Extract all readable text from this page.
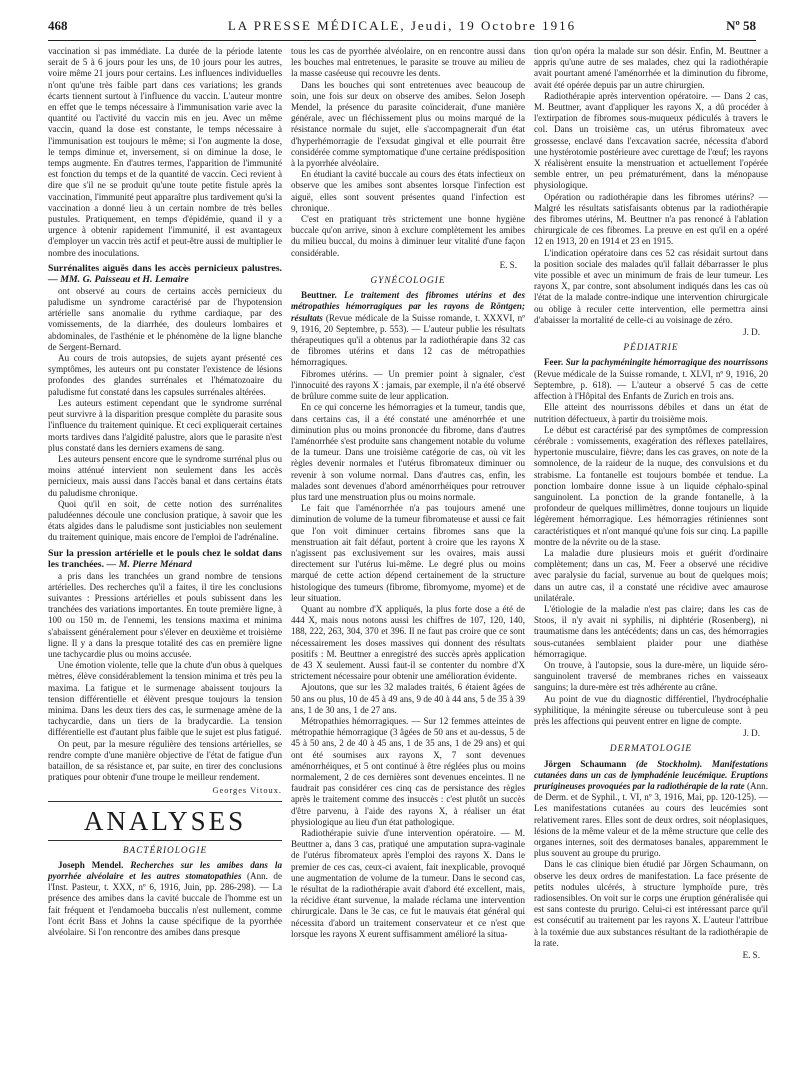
468	LA PRESSE MÉDICALE, Jeudi, 19 Octobre 1916	Nº 58

vaccination si pas immédiate. La durée de la période latente serait de 5 à 6 jours pour les uns, de 10 jours pour les autres, voire même 21 jours pour certains. Les influences individuelles n'ont qu'une très faible part dans ces variations; les grands écarts tiennent surtout à l'influence du vaccin. L'auteur montre en effet que le temps nécessaire à l'immunisation varie avec la quantité ou l'activité du vaccin mis en jeu. Avec un même vaccin, quand la dose est constante, le temps nécessaire à l'immunisation est toujours le même; si l'on augmente la dose, le temps diminue et, inversement, si on diminue la dose, le temps augmente. En d'autres termes, l'apparition de l'immunité est fonction du temps et de la quantité de vaccin. Ceci revient à dire que s'il ne se produit qu'une toute petite fistule après la vaccination, l'immunité peut apparaître plus tardivement qu'si la vaccination a donné lieu à un certain nombre de très belles pustules. Pratiquement, en temps d'épidémie, quand il y a urgence à obtenir rapidement l'immunité, il est avantageux d'employer un vaccin très actif et peut-être aussi de multiplier le nombre des inoculations.

Surrénalites aiguës dans les accès pernicieux palustres. — MM. G. Paisseau et H. Lemaire

ont observé au cours de certains accès pernicieux du paludisme un syndrome caractérisé par de l'hypotension artérielle sans anomalie du rythme cardiaque, par des vomissements, de la diarrhée, des douleurs lombaires et abdominales, de l'asthénie et le phénomène de la ligne blanche de Sergent-Bernard.

Au cours de trois autopsies, de sujets ayant présenté ces symptômes, les auteurs ont pu constater l'existence de lésions profondes des glandes surrénales et l'hématozoaire du paludisme fut constaté dans les capsules surrénales altérées.

Les auteurs estiment cependant que le syndrome surrénal peut survivre à la disparition presque complète du parasite sous l'influence du traitement quinique. Et ceci expliquerait certaines morts tardives dans l'algidité palustre, alors que le parasite n'est plus constaté dans les derniers examens de sang.

Les auteurs pensent encore que le syndrome surrénal plus ou moins atténué intervient non seulement dans les accès pernicieux, mais aussi dans l'accès banal et dans certains états du paludisme chronique.

Quoi qu'il en soit, de cette notion des surrénalites paludéennes découle une conclusion pratique, à savoir que les états algides dans le paludisme sont justiciables non seulement du traitement quinique, mais encore de l'emploi de l'adrénaline.

Sur la pression artérielle et le pouls chez le soldat dans les tranchées. — M. Pierre Ménard

a pris dans les tranchées un grand nombre de tensions artérielles. Des recherches qu'il a faites, il tire les conclusions suivantes : Pressions artérielles et pouls subissent dans les tranchées des variations importantes. En toute première ligne, à 100 ou 150 m. de l'ennemi, les tensions maxima et minima s'abaissent généralement pour s'élever en deuxième et troisième ligne. Il y a dans la presque totalité des cas en première ligne une tachycardie plus ou moins accusée.

Une émotion violente, telle que la chute d'un obus à quelques mètres, élève considérablement la tension minima et très peu la maxima. La fatigue et le surmenage abaissent toujours la tension différentielle et élèvent presque toujours la tension minima. Dans les deux tiers des cas, le surmenage amène de la tachycardie, dans un tiers de la bradycardie. La tension différentielle est d'autant plus faible que le sujet est plus fatigué.

On peut, par la mesure régulière des tensions artérielles, se rendre compte d'une manière objective de l'état de fatigue d'un bataillon, de sa résistance et, par suite, en tirer des conclusions pratiques pour obtenir d'une troupe le meilleur rendement.

Georges Vitoux.
ANALYSES
BACTÉRIOLOGIE

Joseph Mendel. Recherches sur les amibes dans la pyorrhée alvéolaire et les autres stomatopathies (Ann. de l'Inst. Pasteur, t. XXX, nº 6, 1916, Juin, pp. 286-298). — La présence des amibes dans la cavité buccale de l'homme est un fait fréquent et l'endamoeba buccalis n'est nullement, comme l'ont écrit Bass et Johns la cause spécifique de la pyorrhée alvéolaire. Si l'on rencontre des amibes dans presque

tous les cas de pyorrhée alvéolaire, on en rencontre aussi dans les bouches mal entretenues, le parasite se trouve au milieu de la masse caséeuse qui recouvre les dents.

Dans les bouches qui sont entretenues avec beaucoup de soin, une fois sur deux on observe des amibes. Selon Joseph Mendel, la présence du parasite coïnciderait, d'une manière générale, avec un fléchissement plus ou moins marqué de la résistance normale du sujet, elle s'accompagnerait d'un état d'hyperhémorragie de l'exsudat gingival et elle pourrait être considérée comme symptomatique d'une certaine prédisposition à la pyorrhée alvéolaire.

En étudiant la cavité buccale au cours des états infectieux on observe que les amibes sont absentes lorsque l'infection est aiguë, elles sont souvent présentes quand l'infection est chronique.

C'est en pratiquant très strictement une bonne hygiène buccale qu'on arrive, sinon à exclure complètement les amibes du milieu buccal, du moins à diminuer leur vitalité d'une façon considérable.

E. S.
GYNÉCOLOGIE

Beuttner. Le traitement des fibromes utérins et des métropathies hémorragiques par les rayons de Röntgen; résultats (Revue médicale de la Suisse romande, t. XXXVI, nº 9, 1916, 20 Septembre, p. 553). — L'auteur publie les résultats thérapeutiques qu'il a obtenus par la radiothérapie dans 32 cas de fibromes utérins et dans 12 cas de métropathies hémorragiques.

Fibromes utérins. — Un premier point à signaler, c'est l'innocuité des rayons X : jamais, par exemple, il n'a été observé de brûlure comme suite de leur application.

En ce qui concerne les hémorragies et la tumeur, tandis que, dans certains cas, il a été constaté une aménorrhée et une diminution plus ou moins prononcée du fibrome, dans d'autres l'aménorrhée s'est produite sans changement notable du volume de la tumeur. Dans une troisième catégorie de cas, où vit les règles devenir normales et l'utérus fibromateux diminuer ou revenir à son volume normal. Dans d'autres cas, enfin, les malades sont devenues d'abord aménorrhéiques pour retrouver plus tard une menstruation plus ou moins normale.

Le fait que l'aménorrhée n'a pas toujours amené une diminution de volume de la tumeur fibromateuse et aussi ce fait que l'on voit diminuer certains fibromes sans que la menstruation ait fait défaut, portent à croire que les rayons X n'agissent pas exclusivement sur les ovaires, mais aussi directement sur l'utérus lui-même. Le degré plus ou moins marqué de cette action dépend certainement de la structure histologique des tumeurs (fibrome, fibromyome, myome) et de leur situation.

Quant au nombre d'X appliqués, la plus forte dose a été de 444 X, mais nous notons aussi les chiffres de 107, 120, 140, 188, 222, 263, 304, 370 et 396. Il ne faut pas croire que ce sont nécessairement les doses massives qui donnent des résultats positifs : M. Beuttner a enregistré des succès après application de 43 X seulement. Aussi faut-il se contenter du nombre d'X strictement nécessaire pour obtenir une amélioration évidente.

Ajoutons, que sur les 32 malades traités, 6 étaient âgées de 50 ans ou plus, 10 de 45 à 49 ans, 9 de 40 à 44 ans, 5 de 35 à 39 ans, 1 de 30 ans, 1 de 27 ans.

Métropathies hémorragiques. — Sur 12 femmes atteintes de métropathie hémorragique (3 âgées de 50 ans et au-dessus, 5 de 45 à 50 ans, 2 de 40 à 45 ans, 1 de 35 ans, 1 de 29 ans) et qui ont été soumises aux rayons X, 7 sont devenues aménorrhéiques, et 5 ont continué à être réglées plus ou moins normalement, 2 de ces dernières sont devenues enceintes. Il ne faudrait pas considérer ces cinq cas de persistance des règles après le traitement comme des insuccès : c'est plutôt un succès d'être parvenu, à l'aide des rayons X, à réaliser un état physiologique au lieu d'un état pathologique.

Radiothérapie suivie d'une intervention opératoire. — M. Beuttner a, dans 3 cas, pratiqué une amputation supra-vaginale de l'utérus fibromateux après l'emploi des rayons X. Dans le premier de ces cas, ceux-ci avaient, fait inexplicable, provoqué une augmentation de volume de la tumeur. Dans le second cas, le résultat de la radiothérapie avait d'abord été excellent, mais, la récidive étant survenue, la malade réclama une intervention chirurgicale. Dans le 3e cas, ce fut le mauvais état général qui nécessita d'abord un traitement conservateur et ce n'est que lorsque les rayons X eurent suffisamment amélioré la situa-

tion qu'on opéra la malade sur son désir. Enfin, M. Beuttner a appris qu'une autre de ses malades, chez qui la radiothérapie avait pourtant amené l'aménorrhée et la diminution du fibrome, avait été opérée depuis par un autre chirurgien.

Radiothérapie après intervention opératoire. — Dans 2 cas, M. Beuttner, avant d'appliquer les rayons X, a dû procéder à l'extirpation de fibromes sous-muqueux pédiculés à travers le col. Dans un troisième cas, un utérus fibromateux avec grossesse, enclavé dans l'excavation sacrée, nécessita d'abord une hystérotomie postérieure avec curettage de l'œuf; les rayons X réalisèrent ensuite la menstruation et actuellement l'opérée semble entrer, un peu prématurément, dans la ménopause physiologique.

Opération ou radiothérapie dans les fibromes utérins? — Malgré les résultats satisfaisants obtenus par la radiothérapie des fibromes utérins, M. Beuttner n'a pas renoncé à l'ablation chirurgicale de ces fibromes. La preuve en est qu'il en a opéré 12 en 1913, 20 en 1914 et 23 en 1915.

L'indication opératoire dans ces 52 cas résidait surtout dans la position sociale des malades qu'il fallait débarrasser le plus vite possible et avec un minimum de frais de leur tumeur. Les rayons X, par contre, sont absolument indiqués dans les cas où l'état de la malade contre-indique une intervention chirurgicale ou oblige à reculer cette intervention, elle permettra ainsi d'abaisser la mortalité de celle-ci au voisinage de zéro.

J. D.
PÉDIATRIE

Feer. Sur la pachyméningite hémorragique des nourrissons (Revue médicale de la Suisse romande, t. XLVI, nº 9, 1916, 20 Septembre, p. 618). — L'auteur a observé 5 cas de cette affection à l'Hôpital des Enfants de Zurich en trois ans.

Elle atteint des nourrissons débiles et dans un état de nutrition défectueux, à partir du troisième mois.

Le début est caractérisé par des symptômes de compression cérébrale : vomissements, exagération des réflexes patellaires, hypertonie musculaire, fièvre; dans les cas graves, on note de la somnolence, de la raideur de la nuque, des convulsions et du strabisme. La fontanelle est toujours bombée et tendue. La ponction lombaire donne issue à un liquide céphalo-spinal sanguinolent. La ponction de la grande fontanelle, à la profondeur de quelques millimètres, donne toujours un liquide légèrement hémorragique. Les hémorragies rétiniennes sont caractéristiques et n'ont manqué qu'une fois sur cinq. La papille montre de la névrite ou de la stase.

La maladie dure plusieurs mois et guérit d'ordinaire complètement; dans un cas, M. Feer a observé une récidive avec paralysie du facial, survenue au bout de quelques mois; dans un autre cas, il a constaté une récidive avec amaurose unilatérale.

L'étiologie de la maladie n'est pas claire; dans les cas de Stoos, il n'y avait ni syphilis, ni diphtérie (Rosenberg), ni traumatisme dans les antécédents; dans un cas, des hémorragies sous-cutanées semblaient plaider pour une diathèse hémorragique.

On trouve, à l'autopsie, sous la dure-mère, un liquide séro-sanguinolent traversé de membranes riches en vaisseaux sanguins; la dure-mère est très adhérente au crâne.

Au point de vue du diagnostic différentiel, l'hydrocéphalie syphilitique, la méningite séreuse ou tuberculeuse sont à peu près les affections qui peuvent entrer en ligne de compte.

J. D.
DERMATOLOGIE

Jörgen Schaumann (de Stockholm). Manifestations cutanées dans un cas de lymphadénie leucémique. Eruptions prurigineuses provoquées par la radiothérapie de la rate (Ann. de Derm. et de Syphil., t. VI, nº 3, 1916, Mai, pp. 120-125). — Les manifestations cutanées au cours des leucémies sont relativement rares. Elles sont de deux ordres, soit néoplasiques, lésions de la même valeur et de la même structure que celle des organes internes, soit des dermatoses banales, apparemment le plus souvent au groupe du prurigo.

Dans le cas clinique bien étudié par Jörgen Schaumann, on observe les deux ordres de manifestation. La face présente de petits nodules ulcérés, à structure lymphoïde pure, très radiosensibles. On voit sur le corps une éruption généralisée qui est sans conteste du prurigo. Celui-ci est intéressant parce qu'il est consécutif au traitement par les rayons X. L'auteur l'attribue à la toxémie due aux substances résultant de la radiothérapie de la rate.

E. S.
